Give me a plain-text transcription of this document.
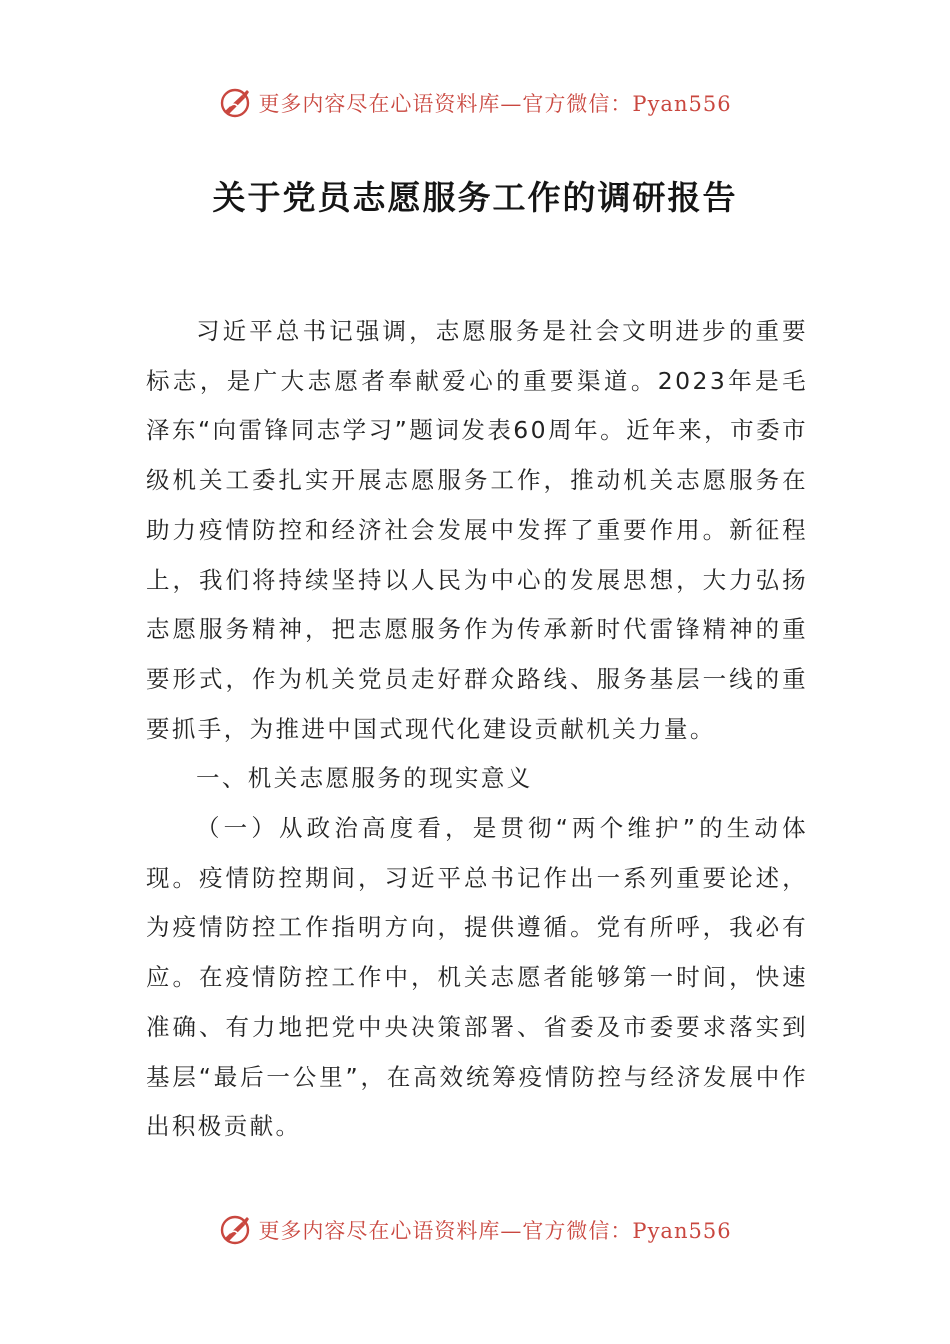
更多内容尽在心语资料库—官方微信：Pyan556
关于党员志愿服务工作的调研报告

习近平总书记强调，志愿服务是社会文明进步的重要标志，是广大志愿者奉献爱心的重要渠道。2023年是毛泽东“向雷锋同志学习”题词发表60周年。近年来，市委市级机关工委扎实开展志愿服务工作，推动机关志愿服务在助力疫情防控和经济社会发展中发挥了重要作用。新征程上，我们将持续坚持以人民为中心的发展思想，大力弘扬志愿服务精神，把志愿服务作为传承新时代雷锋精神的重要形式，作为机关党员走好群众路线、服务基层一线的重要抓手，为推进中国式现代化建设贡献机关力量。

一、机关志愿服务的现实意义

（一）从政治高度看，是贯彻“两个维护”的生动体现。疫情防控期间，习近平总书记作出一系列重要论述，为疫情防控工作指明方向，提供遵循。党有所呼，我必有应。在疫情防控工作中，机关志愿者能够第一时间，快速准确、有力地把党中央决策部署、省委及市委要求落实到基层“最后一公里”，在高效统筹疫情防控与经济发展中作出积极贡献。

更多内容尽在心语资料库—官方微信：Pyan556
